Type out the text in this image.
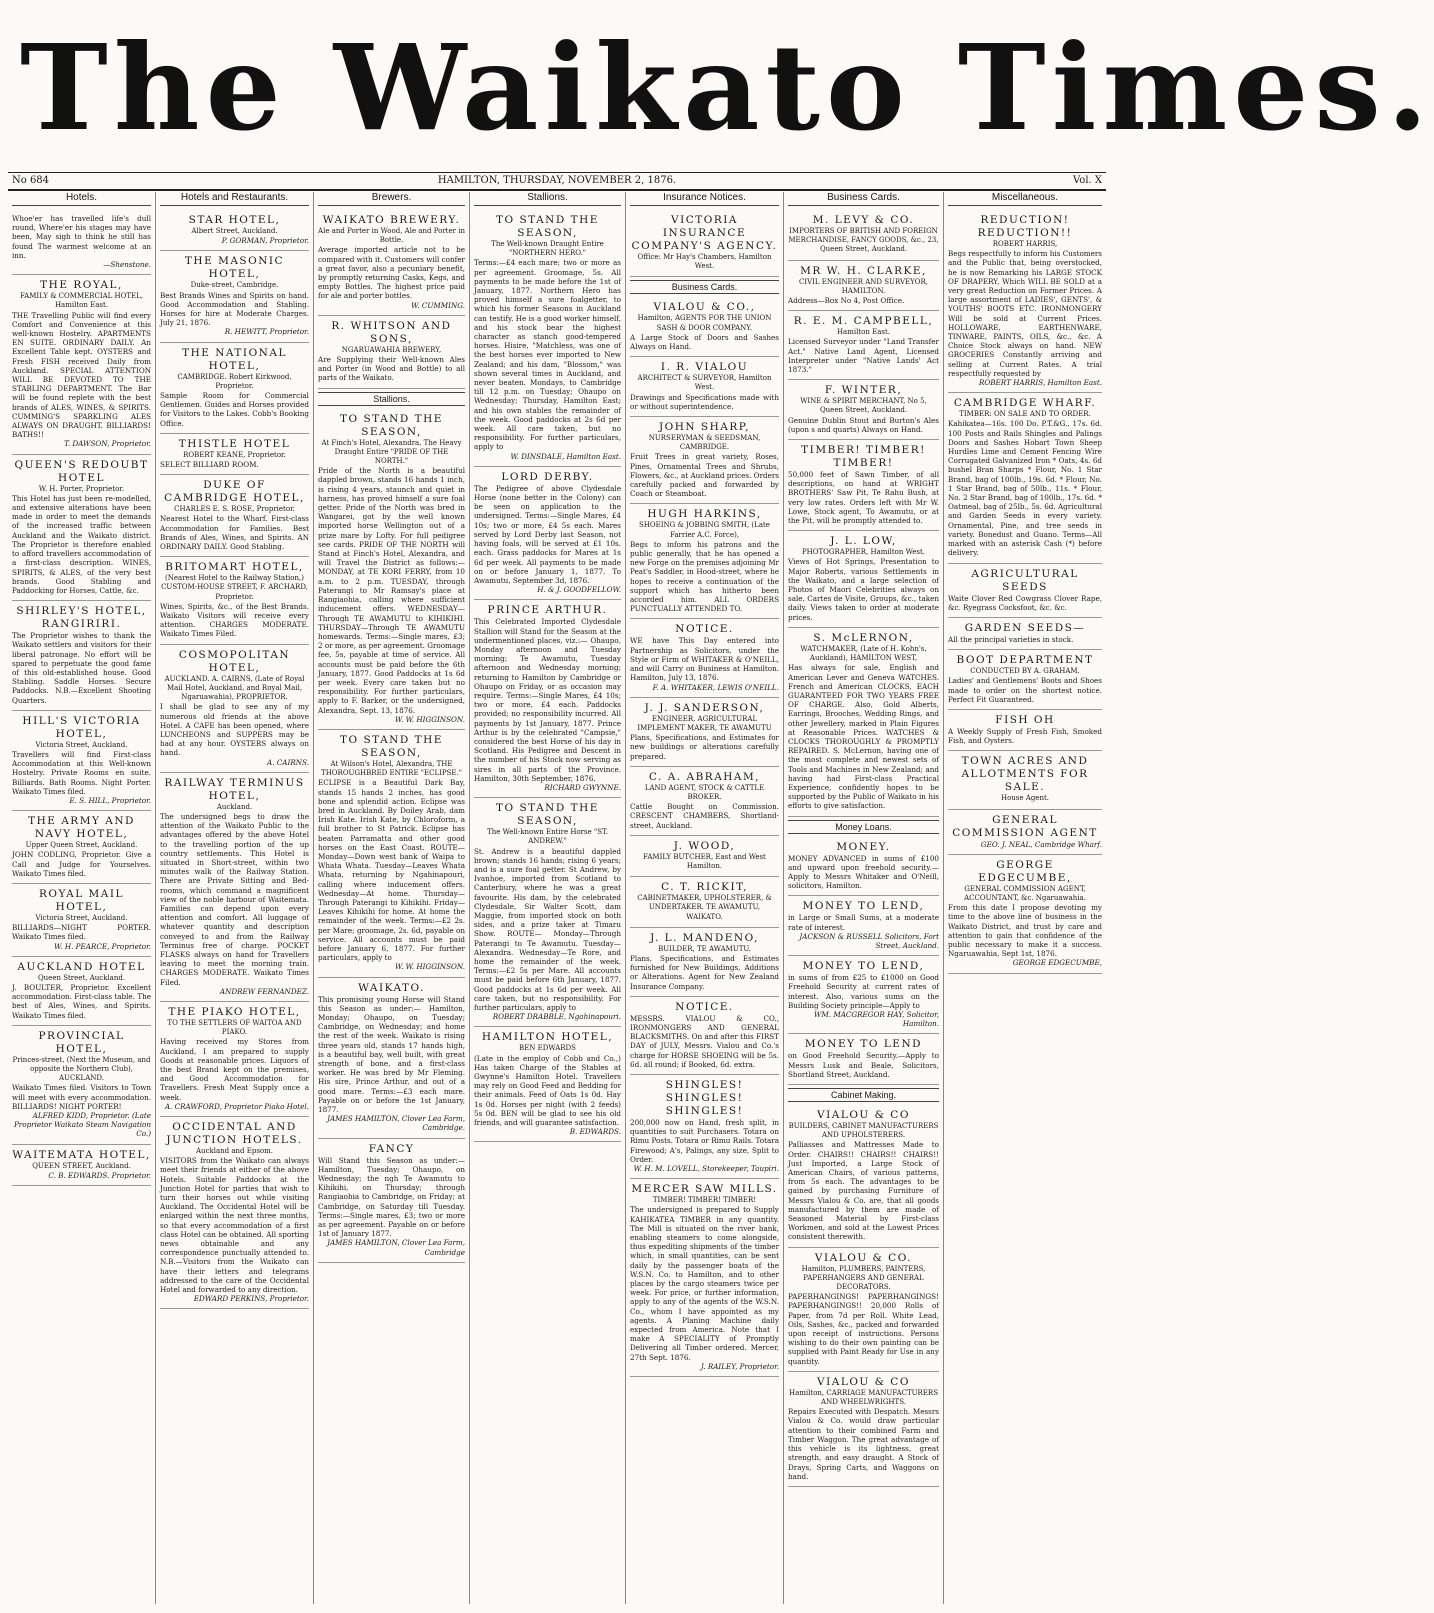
The Waikato Times.
No 684	HAMILTON, THURSDAY, NOVEMBER 2, 1876.	Vol. X
Hotels.
Whoe'er has travelled life's dull round, Where'er his stages may have been, May sigh to think he still has found The warmest welcome at an inn.
—Shenstone.
THE ROYAL,
FAMILY & COMMERCIAL HOTEL, Hamilton East.
THE Travelling Public will find every Comfort and Convenience at this well-known Hostelry. APARTMENTS EN SUITE. ORDINARY DAILY. An Excellent Table kept. OYSTERS and Fresh FISH received Daily from Auckland. SPECIAL ATTENTION WILL BE DEVOTED TO THE STABLING DEPARTMENT. The Bar will be found replete with the best brands of ALES, WINES, & SPIRITS. CUMMING'S SPARKLING ALES ALWAYS ON DRAUGHT. BILLIARDS! BATHS!!
T. DAWSON, Proprietor.
QUEEN'S REDOUBT HOTEL
W. H. Porter, Proprietor.
This Hotel has just been re-modelled, and extensive alterations have been made in order to meet the demands of the increased traffic between Auckland and the Waikato district. The Proprietor is therefore enabled to afford travellers accommodation of a first-class description. WINES, SPIRITS, & ALES, of the very best brands. Good Stabling and Paddocking for Horses, Cattle, &c.
SHIRLEY'S HOTEL, RANGIRIRI.
The Proprietor wishes to thank the Waikato settlers and visitors for their liberal patronage. No effort will be spared to perpetuate the good fame of this old-established house. Good Stabling. Saddle Horses. Secure Paddocks. N.B.—Excellent Shooting Quarters.
HILL'S VICTORIA HOTEL,
Victoria Street, Auckland.
Travellers will find First-class Accommodation at this Well-known Hostelry. Private Rooms en suite. Billiards. Bath Rooms. Night Porter. Waikato Times filed.
E. S. HILL, Proprietor.
THE ARMY AND NAVY HOTEL,
Upper Queen Street, Auckland.
JOHN CODLING, Proprietor. Give a Call and Judge for Yourselves. Waikato Times filed.
ROYAL MAIL HOTEL,
Victoria Street, Auckland.
BILLIARDS—NIGHT PORTER. Waikato Times filed.
W. H. PEARCE, Proprietor.
AUCKLAND HOTEL
Queen Street, Auckland.
J. BOULTER, Proprietor. Excellent accommodation. First-class table. The best of Ales, Wines, and Spirits. Waikato Times filed.
PROVINCIAL HOTEL,
Princes-street, (Next the Museum, and opposite the Northern Club), AUCKLAND.
Waikato Times filed. Visitors to Town will meet with every accommodation. BILLIARDS! NIGHT PORTER!
ALFRED KIDD, Proprietor. (Late Proprietor Waikato Steam Navigation Co.)
WAITEMATA HOTEL,
QUEEN STREET, Auckland.
C. B. EDWARDS. Proprietor.
Hotels and Restaurants.
STAR HOTEL,
Albert Street, Auckland.
P. GORMAN, Proprietor.
THE MASONIC HOTEL,
Duke-street, Cambridge.
Best Brands Wines and Spirits on hand. Good Accommodation and Stabling. Horses for hire at Moderate Charges. July 21, 1876.
R. HEWITT, Proprietor.
THE NATIONAL HOTEL,
CAMBRIDGE. Robert Kirkwood, Proprietor.
Sample Room for Commercial Gentlemen. Guides and Horses provided for Visitors to the Lakes. Cobb's Booking Office.
THISTLE HOTEL
ROBERT KEANE, Proprietor.
SELECT BILLIARD ROOM.
DUKE OF CAMBRIDGE HOTEL,
CHARLES E. S. ROSE, Proprietor.
Nearest Hotel to the Wharf. First-class Accommodation for Families. Best Brands of Ales, Wines, and Spirits. AN ORDINARY DAILY. Good Stabling.
BRITOMART HOTEL,
(Nearest Hotel to the Railway Station,) CUSTOM-HOUSE STREET, F. ARCHARD, Proprietor.
Wines, Spirits, &c., of the Best Brands. Waikato Visitors will receive every attention. CHARGES MODERATE. Waikato Times Filed.
COSMOPOLITAN HOTEL,
AUCKLAND. A. CAIRNS, (Late of Royal Mail Hotel, Auckland, and Royal Mail, Ngaruawahia), PROPRIETOR.
I shall be glad to see any of my numerous old friends at the above Hotel. A CAFE has been opened, where LUNCHEONS and SUPPERS may be had at any hour. OYSTERS always on hand.
A. CAIRNS.
RAILWAY TERMINUS HOTEL,
Auckland.
The undersigned begs to draw the attention of the Waikato Public to the advantages offered by the above Hotel to the travelling portion of the up country settlements. This Hotel is situated in Short-street, within two minutes walk of the Railway Station. There are Private Sitting and Bed-rooms, which command a magnificent view of the noble harbour of Waitemata. Families can depend upon every attention and comfort. All luggage of whatever quantity and description conveyed to and from the Railway Terminus free of charge. POCKET FLASKS always on hand for Travellers leaving to meet the morning train. CHARGES MODERATE. Waikato Times Filed.
ANDREW FERNANDEZ.
THE PIAKO HOTEL,
TO THE SETTLERS OF WAITOA AND PIAKO.
Having received my Stores from Auckland, I am prepared to supply Goods at reasonable prices. Liquors of the best Brand kept on the premises, and Good Accommodation for Travellers. Fresh Meat Supply once a week.
A. CRAWFORD, Proprietor Piako Hotel.
OCCIDENTAL AND JUNCTION HOTELS.
Auckland and Epsom.
VISITORS from the Waikato can always meet their friends at either of the above Hotels. Suitable Paddocks at the Junction Hotel for parties that wish to turn their horses out while visiting Auckland. The Occidental Hotel will be enlarged within the next three months, so that every accommodation of a first class Hotel can be obtained. All sporting news obtainable and any correspondence punctually attended to. N.B.—Visitors from the Waikato can have their letters and telegrams addressed to the care of the Occidental Hotel and forwarded to any direction.
EDWARD PERKINS, Proprietor.
Brewers.
WAIKATO BREWERY.
Ale and Porter in Wood, Ale and Porter in Bottle.
Average imported article not to be compared with it. Customers will confer a great favor, also a pecuniary benefit, by promptly returning Casks, Kegs, and empty Bottles. The highest price paid for ale and porter bottles.
W. CUMMING.
R. WHITSON AND SONS,
NGARUAWAHIA BREWERY,
Are Supplying their Well-known Ales and Porter (in Wood and Bottle) to all parts of the Waikato.
Stallions.
TO STAND THE SEASON,
At Finch's Hotel, Alexandra, The Heavy Draught Entire "PRIDE OF THE NORTH."
Pride of the North is a beautiful dappled brown, stands 16 hands 1 inch, is rising 4 years, staunch and quiet in harness, has proved himself a sure foal getter. Pride of the North was bred in Wangarei, got by the well known imported horse Wellington out of a prize mare by Lofty. For full pedigree see cards. PRIDE OF THE NORTH will Stand at Finch's Hotel, Alexandra, and will Travel the District as follows:— MONDAY, at TE KORI FERRY, from 10 a.m. to 2 p.m. TUESDAY, through Paterangi to Mr Ramsay's place at Rangiaohia, calling where sufficient inducement offers. WEDNESDAY—Through TE AWAMUTU to KIHIKIHI. THURSDAY—Through TE AWAMUTU homewards. Terms:—Single mares, £3; 2 or more, as per agreement. Groomage fee, 5s, payable at time of service. All accounts must be paid before the 6th January, 1877. Good Paddocks at 1s 6d per week. Every care taken but no responsibility. For further particulars, apply to F. Barker, or the undersigned, Alexandra, Sept. 13, 1876.
W. W. HIGGINSON.
TO STAND THE SEASON,
At Wilson's Hotel, Alexandra, THE THOROUGHBRED ENTIRE "ECLIPSE."
ECLIPSE is a Beautiful Dark Bay, stands 15 hands 2 inches, has good bone and splendid action. Eclipse was bred in Auckland. By Doiley Arab, dam Irish Kate. Irish Kate, by Chloroform, a full brother to St Patrick. Eclipse has beaten Parramatta and other good horses on the East Coast. ROUTE— Monday—Down west bank of Waipa to Whata Whata. Tuesday—Leaves Whata Whata, returning by Ngahinapouri, calling where inducement offers. Wednesday—At home. Thursday—Through Paterangi to Kihikihi. Friday—Leaves Kihikihi for home. At home the remainder of the week. Terms:—£2 2s. per Mare; groomage, 2s. 6d, payable on service. All accounts must be paid before January 6, 1877. For further particulars, apply to
W. W. HIGGINSON.
WAIKATO.
This promising young Horse will Stand this Season as under:— Hamilton, Monday; Ohaupo, on Tuesday; Cambridge, on Wednesday; and home the rest of the week. Waikato is rising three years old, stands 17 hands high, is a beautiful bay, well built, with great strength of bone, and a first-class worker. He was bred by Mr Fleming. His sire, Prince Arthur, and out of a good mare. Terms:—£3 each mare. Payable on or before the 1st January, 1877.
JAMES HAMILTON, Clover Lea Farm, Cambridge.
FANCY
Will Stand this Season as under:— Hamilton, Tuesday; Ohaupo, on Wednesday; the ngh Te Awamutu to Kihikihi, on Thursday; through Rangiaohia to Cambridge, on Friday; at Cambridge, on Saturday till Tuesday. Terms:—Single mares, £3; two or more as per agreement. Payable on or before 1st of January 1877.
JAMES HAMILTON, Clover Lea Farm, Cambridge
Stallions.
TO STAND THE SEASON,
The Well-known Draught Entire "NORTHERN HERO."
Terms:—£4 each mare; two or more as per agreement. Groomage, 5s. All payments to be made before the 1st of January, 1877. Northern Hero has proved himself a sure foalgetter, to which his former Seasons in Auckland can testify. He is a good worker himself, and his stock bear the highest character as stanch good-tempered horses. Hisire, "Matchless, was one of the best horses ever imported to New Zealand; and his dam, "Blossom," was shown several times in Auckland, and never beaten. Mondays, to Cambridge till 12 p.m. on Tuesday; Ohaupo on Wednesday; Thursday, Hamilton East; and his own stables the remainder of the week. Good paddocks at 2s 6d per week. All care taken, but no responsibility. For further particulars, apply to
W. DINSDALE, Hamilton East.
LORD DERBY.
The Pedigree of above Clydesdale Horse (none better in the Colony) can be seen on application to the undersigned. Terms:—Single Mares, £4 10s; two or more, £4 5s each. Mares served by Lord Derby last Season, not having foals, will be served at £1 10s. each. Grass paddocks for Mares at 1s 6d per week. All payments to be made on or before January 1, 1877. To Awamutu, September 3d, 1876.
H. & J. GOODFELLOW.
PRINCE ARTHUR.
This Celebrated Imported Clydesdale Stallion will Stand for the Season at the undermentioned places, viz.:— Ohaupo, Monday afternoon and Tuesday morning; Te Awamutu, Tuesday afternoon and Wednesday morning; returning to Hamilton by Cambridge or Ohaupo on Friday, or as occasion may require. Terms:—Single Mares, £4 10s; two or more, £4 each. Paddocks provided; no responsibility incurred. All payments by 1st January, 1877. Prince Arthur is by the celebrated "Campsie," considered the best Horse of his day in Scotland. His Pedigree and Descent in the number of his Stock now serving as sires in all parts of the Province. Hamilton, 30th September, 1876.
RICHARD GWYNNE.
TO STAND THE SEASON,
The Well-known Entire Horse "ST. ANDREW."
St. Andrew is a beautiful dappled brown; stands 16 hands; rising 6 years; and is a sure foal getter. St Andrew, by Ivanhoe, imported from Scotland to Canterbury, where he was a great favourite. His dam, by the celebrated Clydesdale, Sir Walter Scott, dam Maggie, from imported stock on both sides, and a prize taker at Timaru Show. ROUTE— Monday—Through Paterangi to Te Awamutu. Tuesday—Alexandra. Wednesday—Te Rore, and home the remainder of the week. Terms:—£2 5s per Mare. All accounts must be paid before 6th January, 1877. Good paddocks at 1s 6d per week. All care taken, but no responsibility. For further particulars, apply to
ROBERT DRABBLE, Ngahinapouri.
HAMILTON HOTEL,
BEN EDWARDS
(Late in the employ of Cobb and Co.,) Has taken Charge of the Stables at Gwynne's Hamilton Hotel. Travellers may rely on Good Feed and Bedding for their animals. Feed of Oats 1s 0d. Hay 1s 0d. Horses per night (with 2 feeds) 5s 0d. BEN will be glad to see his old friends, and will guarantee satisfaction.
B. EDWARDS.
Insurance Notices.
VICTORIA INSURANCE COMPANY'S AGENCY.
Office: Mr Hay's Chambers, Hamilton West.
Business Cards.
VIALOU & CO.,
Hamilton, AGENTS FOR THE UNION SASH & DOOR COMPANY.
A Large Stock of Doors and Sashes Always on Hand.
I. R. VIALOU
ARCHITECT & SURVEYOR, Hamilton West.
Drawings and Specifications made with or without superintendence.
JOHN SHARP,
NURSERYMAN & SEEDSMAN, CAMBRIDGE.
Fruit Trees in great variety, Roses, Pines, Ornamental Trees and Shrubs, Flowers, &c., at Auckland prices. Orders carefully packed and forwarded by Coach or Steamboat.
HUGH HARKINS,
SHOEING & JOBBING SMITH, (Late Farrier A.C. Force),
Begs to inform his patrons and the public generally, that he has opened a new Forge on the premises adjoining Mr Peat's Saddler, in Hood-street, where he hopes to receive a continuation of the support which has hitherto been accorded him. ALL ORDERS PUNCTUALLY ATTENDED TO.
NOTICE.
WE have This Day entered into Partnership as Solicitors, under the Style or Firm of WHITAKER & O'NEILL, and will Carry on Business at Hamilton. Hamilton, July 13, 1876.
F. A. WHITAKER, LEWIS O'NEILL.
J. J. SANDERSON,
ENGINEER, AGRICULTURAL IMPLEMENT MAKER, TE AWAMUTU
Plans, Specifications, and Estimates for new buildings or alterations carefully prepared.
C. A. ABRAHAM,
LAND AGENT, STOCK & CATTLE BROKER.
Cattle Bought on Commission. CRESCENT CHAMBERS, Shortland-street, Auckland.
J. WOOD,
FAMILY BUTCHER, East and West Hamilton.
C. T. RICKIT,
CABINETMAKER, UPHOLSTERER, & UNDERTAKER. TE AWAMUTU, WAIKATO.
J. L. MANDENO,
BUILDER, TE AWAMUTU.
Plans, Specifications, and Estimates furnished for New Buildings, Additions or Alterations. Agent for New Zealand Insurance Company.
NOTICE.
MESSRS. VIALOU & CO., IRONMONGERS AND GENERAL BLACKSMITHS. On and after this FIRST DAY of JULY, Messrs. Vialou and Co.'s charge for HORSE SHOEING will be 5s. 6d. all round; if Booked, 6d. extra.
SHINGLES! SHINGLES! SHINGLES!
200,000 now on Hand, fresh split, in quantities to suit Purchasers. Totara on Rimu Posts. Totara or Rimu Rails. Totara Firewood; A's, Palings, any size, Split to Order.
W. H. M. LOVELL, Storekeeper, Taupiri.
MERCER SAW MILLS.
TIMBER! TIMBER! TIMBER!
The undersigned is prepared to Supply KAHIKATEA TIMBER in any quantity. The Mill is situated on the river bank, enabling steamers to come alongside, thus expediting shipments of the timber which, in small quantities, can be sent daily by the passenger boats of the W.S.N. Co. to Hamilton, and to other places by the cargo steamers twice per week. For price, or further information, apply to any of the agents of the W.S.N. Co., whom I have appointed as my agents. A Planing Machine daily expected from America. Note that I make A SPECIALITY of Promptly Delivering all Timber ordered. Mercer, 27th Sept. 1876.
J. RAILEY, Proprietor.
Business Cards.
M. LEVY & CO.
IMPORTERS OF BRITISH AND FOREIGN MERCHANDISE, FANCY GOODS, &c., 23, Queen Street, Auckland.
MR W. H. CLARKE,
CIVIL ENGINEER AND SURVEYOR, HAMILTON.
Address—Box No 4, Post Office.
R. E. M. CAMPBELL,
Hamilton East.
Licensed Surveyor under "Land Transfer Act." Native Land Agent, Licensed Interpreter under "Native Lands' Act 1873."
F. WINTER,
WINE & SPIRIT MERCHANT, No 5, Queen Street, Auckland.
Genuine Dublin Stout and Burton's Ales (upon s and quarts) Always on Hand.
TIMBER! TIMBER! TIMBER!
50,000 feet of Sawn Timber, of all descriptions, on hand at WRIGHT BROTHERS' Saw Pit, Te Rahu Bush, at very low rates. Orders left with Mr W. Lowe, Stock agent, To Awamutu, or at the Pit, will be promptly attended to.
J. L. LOW,
PHOTOGRAPHER, Hamilton West.
Views of Hot Springs, Presentation to Major Roberts, various Settlements in the Waikato, and a large selection of Photos of Maori Celebrities always on sale. Cartes de Visite, Groups, &c., taken daily. Views taken to order at moderate prices.
S. McLERNON,
WATCHMAKER, (Late of H. Kohn's, Auckland), HAMILTON WEST,
Has always for sale, English and American Lever and Geneva WATCHES. French and American CLOCKS, EACH GUARANTEED FOR TWO YEARS FREE OF CHARGE. Also, Gold Alberts, Earrings, Brooches, Wedding Rings, and other Jewellery, marked in Plain Figures at Reasonable Prices. WATCHES & CLOCKS THOROUGHLY & PROMPTLY REPAIRED. S. McLernon, having one of the most complete and newest sets of Tools and Machines in New Zealand; and having had First-class Practical Experience, confidently hopes to be supported by the Public of Waikato in his efforts to give satisfaction.
Money Loans.
MONEY.
MONEY ADVANCED in sums of £100 and upward upon freehold security.—Apply to Messrs Whitaker and O'Neill, solicitors, Hamilton.
MONEY TO LEND,
in Large or Small Sums, at a moderate rate of interest.
JACKSON & RUSSELL Solicitors, Fort Street, Auckland.
MONEY TO LEND,
in sums of from £25 to £1000 on Good Freehold Security at current rates of interest. Also, various sums on the Building Society principle—Apply to
WM. MACGREGOR HAY, Solicitor, Hamilton.
MONEY TO LEND
on Good Freehold Security.—Apply to Messrs Lusk and Beale, Solicitors, Shortland Street, Auckland.
Cabinet Making.
VIALOU & CO
BUILDERS, CABINET MANUFACTURERS AND UPHOLSTERERS.
Palliasses and Mattresses Made to Order. CHAIRS!! CHAIRS!! CHAIRS!! Just Imported, a Large Stock of American Chairs, of various patterns, from 5s each. The advantages to be gained by purchasing Furniture of Messrs Vialou & Co. are, that all goods manufactured by them are made of Seasoned Material by First-class Workmen, and sold at the Lowest Prices consistent therewith.
VIALOU & CO.
Hamilton, PLUMBERS, PAINTERS, PAPERHANGERS AND GENERAL DECORATORS.
PAPERHANGINGS! PAPERHANGINGS! PAPERHANGINGS!! 20,000 Rolls of Paper, from 7d per Roll. White Lead, Oils, Sashes, &c., packed and forwarded upon receipt of instructions. Persons wishing to do their own painting can be supplied with Paint Ready for Use in any quantity.
VIALOU & CO
Hamilton, CARRIAGE MANUFACTURERS AND WHEELWRIGHTS.
Repairs Executed with Despatch. Messrs Vialou & Co. would draw particular attention to their combined Farm and Timber Waggon. The great advantage of this vehicle is its lightness, great strength, and easy draught. A Stock of Drays, Spring Carts, and Waggons on hand.
Miscellaneous.
REDUCTION! REDUCTION!!
ROBERT HARRIS,
Begs respectfully to inform his Customers and the Public that, being overstocked, he is now Remarking his LARGE STOCK OF DRAPERY, Which WILL BE SOLD at a very great Reduction on Former Prices. A large assortment of LADIES', GENTS', & YOUTHS' BOOTS ETC. IRONMONGERY Will be sold at Current Prices. HOLLOWARE, EARTHENWARE, TINWARE, PAINTS, OILS, &c., &c. A Choice Stock always on hand. NEW GROCERIES Constantly arriving and selling at Current Rates. A trial respectfully requested by
ROBERT HARRIS, Hamilton East.
CAMBRIDGE WHARF.
TIMBER: ON SALE AND TO ORDER.
Kahikatea—16s. 100 Do. P.T.&G., 17s. 6d. 100 Posts and Rails Shingles and Palings Doors and Sashes Hobart Town Sheep Hurdles Lime and Cement Fencing Wire Corrugated Galvanized Iron * Oats, 4s. 6d bushel Bran Sharps * Flour, No. 1 Star Brand, bag of 100lb., 19s. 6d. * Flour, No. 1 Star Brand, bag of 50lb., 11s. * Flour, No. 2 Star Brand, bag of 100lb., 17s. 6d. * Oatmeal, bag of 25lb., 5s. 6d. Agricultural and Garden Seeds in every variety. Ornamental, Pine, and tree seeds in variety. Bonedust and Guano. Terms—All marked with an asterisk Cash (*) before delivery.
AGRICULTURAL SEEDS
Waite Clover Red Cowgrass Clover Rape, &c. Ryegrass Cocksfoot, &c. &c.
GARDEN SEEDS—
All the principal varieties in stock.
BOOT DEPARTMENT
CONDUCTED BY A. GRAHAM.
Ladies' and Gentlemens' Boots and Shoes made to order on the shortest notice. Perfect Fit Guaranteed.
FISH OH
A Weekly Supply of Fresh Fish, Smoked Fish, and Oysters.
TOWN ACRES AND ALLOTMENTS FOR SALE.
House Agent.
GENERAL COMMISSION AGENT
GEO. J. NEAL, Cambridge Wharf.
GEORGE EDGECUMBE,
GENERAL COMMISSION AGENT, ACCOUNTANT, &c. Ngaruawahia.
From this date I propose devoting my time to the above line of business in the Waikato District, and trust by care and attention to gain that confidence of the public necessary to make it a success. Ngaruawahia, Sept 1st, 1876.
GEORGE EDGECUMBE,
